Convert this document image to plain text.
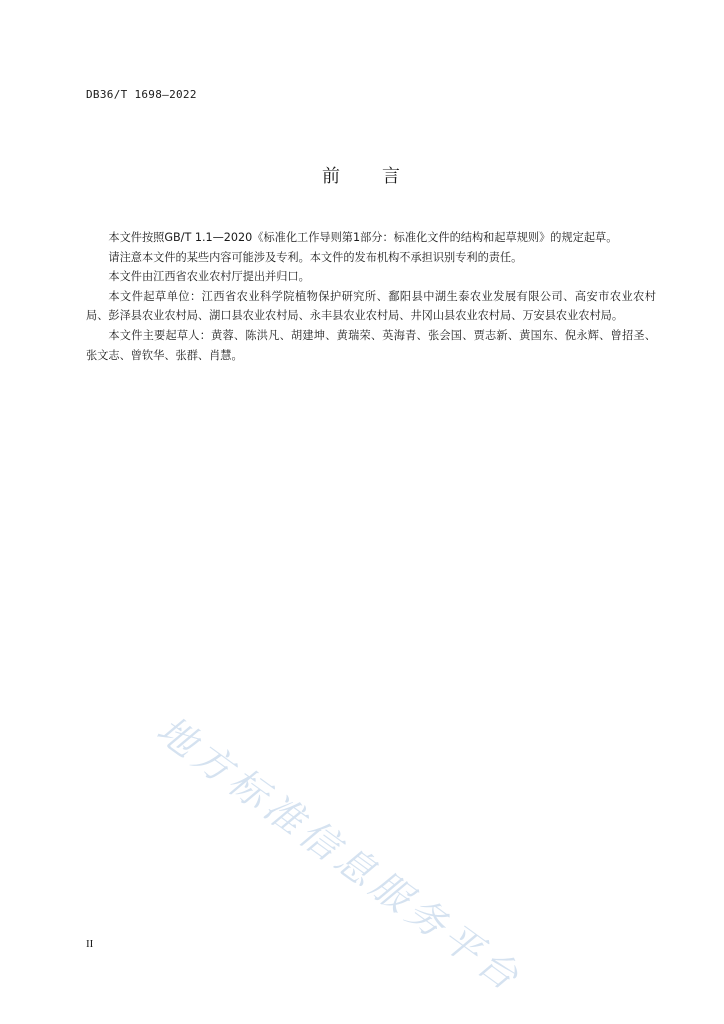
DB36/T 1698—2022
前 言

本文件按照GB/T 1.1—2020《标准化工作导则第1部分：标准化文件的结构和起草规则》的规定起草。

请注意本文件的某些内容可能涉及专利。本文件的发布机构不承担识别专利的责任。

本文件由江西省农业农村厅提出并归口。

本文件起草单位：江西省农业科学院植物保护研究所、鄱阳县中湖生泰农业发展有限公司、高安市农业农村局、彭泽县农业农村局、湖口县农业农村局、永丰县农业农村局、井冈山县农业农村局、万安县农业农村局。

本文件主要起草人：黄蓉、陈洪凡、胡建坤、黄瑞荣、英海青、张会国、贾志新、黄国东、倪永辉、曾招圣、张文志、曾钦华、张群、肖慧。

地方标准信息服务平台
II
